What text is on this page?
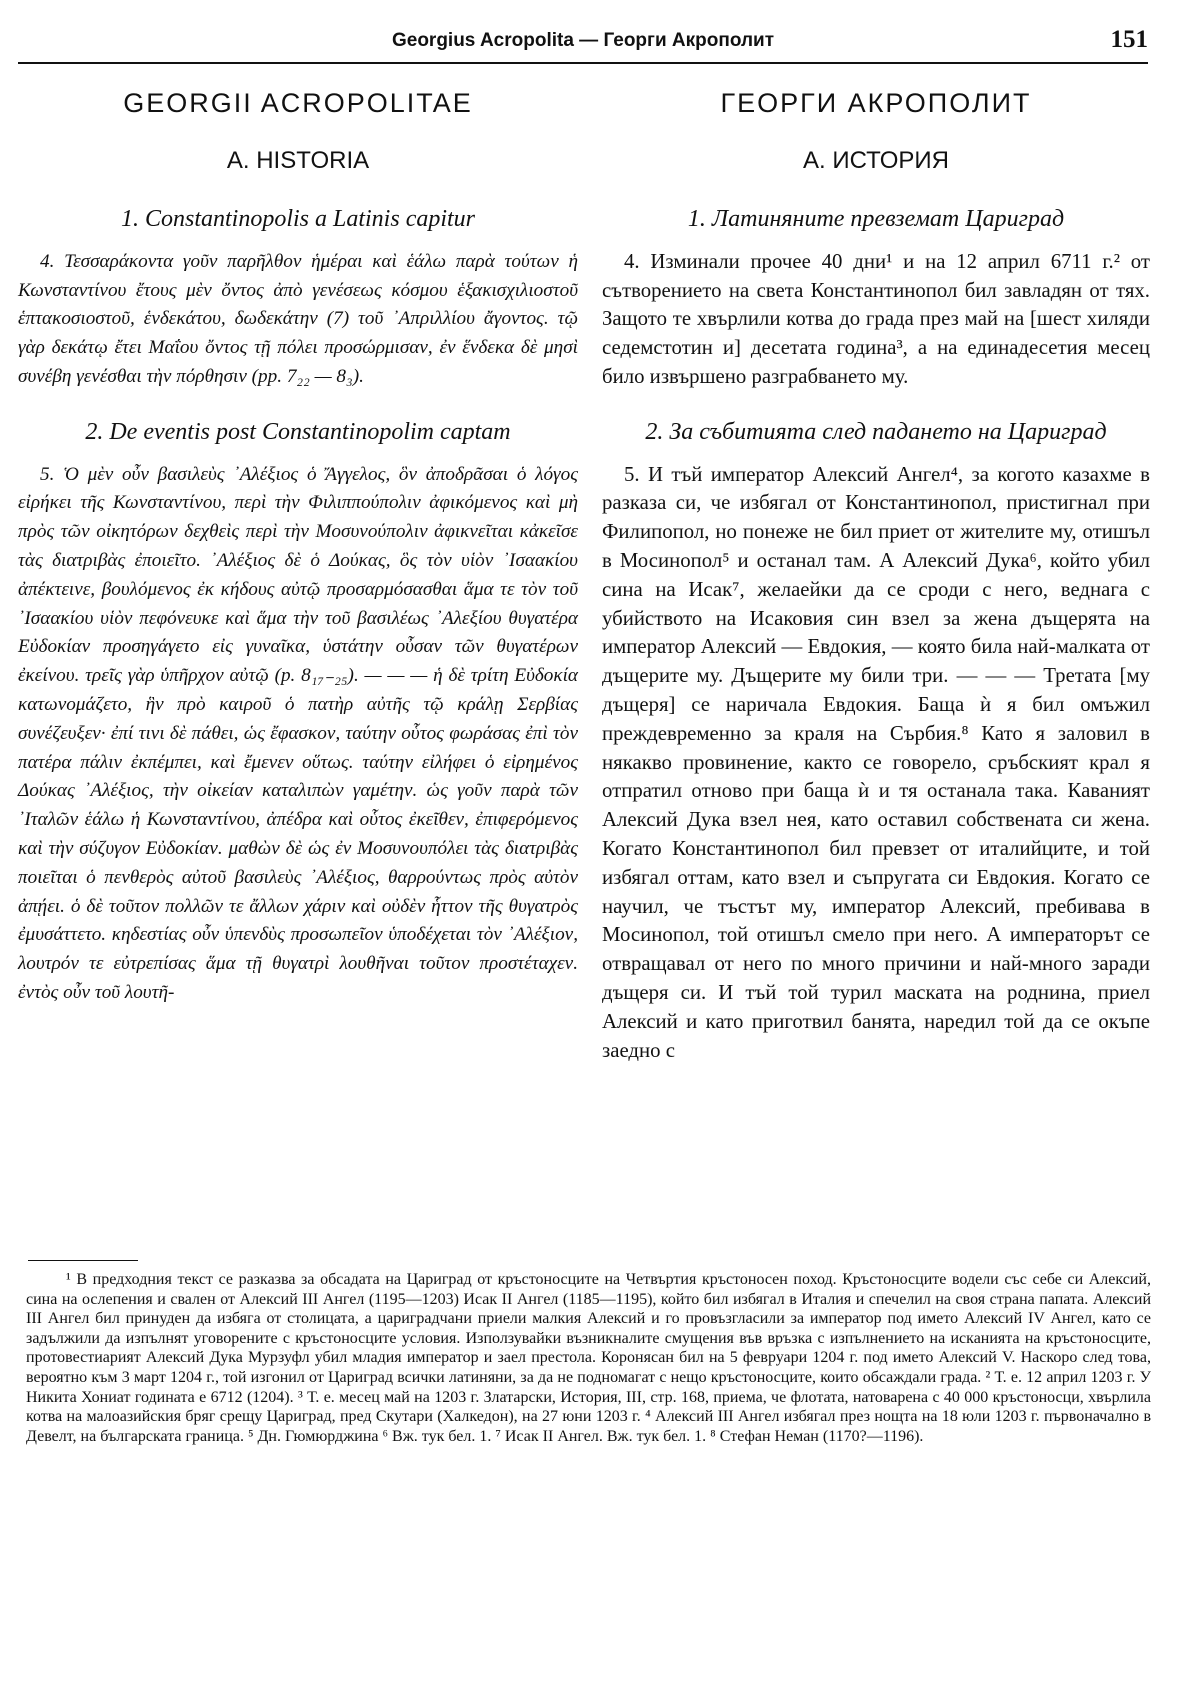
Georgius Acropolita — Георги Акрополит	151
GEORGII ACROPOLITAE
A. HISTORIA
1. Constantinopolis a Latinis capitur
4. Τεσσαράκοντα γοῦν παρῆλθον ἡμέραι καὶ ἑάλω παρὰ τούτων ἡ Κωνσταντίνου ἔτους μὲν ὄντος ἀπὸ γενέσεως κόσμου ἑξακισχιλιοστοῦ ἑπτακοσιοστοῦ, ἑνδεκάτου, δωδεκάτην (7) τοῦ ᾿Απριλλίου ἄγοντος. τῷ γὰρ δεκάτῳ ἔτει Μαΐου ὄντος τῇ πόλει προσώρμισαν, ἐν ἕνδεκα δὲ μησὶ συνέβη γενέσθαι τὴν πόρθησιν (pp. 7₂₂ — 8₃).
2. De eventis post Constantinopolim captam
5. Ὁ μὲν οὖν βασιλεὺς ᾿Αλέξιος ὁ Ἄγγελος, ὃν ἀποδρᾶσαι ὁ λόγος εἰρήκει τῆς Κωνσταντίνου, περὶ τὴν Φιλιππούπολιν ἀφικόμενος καὶ μὴ πρὸς τῶν οἰκητόρων δεχθεὶς περὶ τὴν Μοσυνούπολιν ἀφικνεῖται κἀκεῖσε τὰς διατριβὰς ἐποιεῖτο. ᾿Αλέξιος δὲ ὁ Δούκας, ὃς τὸν υἱὸν ᾿Ισαακίου ἀπέκτεινε, βουλόμενος ἐκ κήδους αὐτῷ προσαρμόσασθαι ἅμα τε τὸν τοῦ ᾿Ισαακίου υἱὸν πεφόνευκε καὶ ἅμα τὴν τοῦ βασιλέως ᾿Αλεξίου θυγατέρα Εὐδοκίαν προσηγάγετο εἰς γυναῖκα, ὑστάτην οὖσαν τῶν θυγατέρων ἐκείνου. τρεῖς γὰρ ὑπῆρχον αὐτῷ (p. 8₁₇₋₂₅). — — — ἡ δὲ τρίτη Εὐδοκία κατωνομάζετο, ἣν πρὸ καιροῦ ὁ πατὴρ αὐτῆς τῷ κράλῃ Σερβίας συνέζευξεν· ἐπί τινι δὲ πάθει, ὡς ἔφασκον, ταύτην οὗτος φωράσας ἐπὶ τὸν πατέρα πάλιν ἐκπέμπει, καὶ ἔμενεν οὕτως. ταύτην εἰλήφει ὁ εἰρημένος Δούκας ᾿Αλέξιος, τὴν οἰκείαν καταλιπὼν γαμέτην. ὡς γοῦν παρὰ τῶν ᾿Ιταλῶν ἑάλω ἡ Κωνσταντίνου, ἀπέδρα καὶ οὗτος ἐκεῖθεν, ἐπιφερόμενος καὶ τὴν σύζυγον Εὐδοκίαν. μαθὼν δὲ ὡς ἐν Μοσυνουπόλει τὰς διατριβὰς ποιεῖται ὁ πενθερὸς αὐτοῦ βασιλεὺς ᾿Αλέξιος, θαρρούντως πρὸς αὐτὸν ἀπῄει. ὁ δὲ τοῦτον πολλῶν τε ἄλλων χάριν καὶ οὐδὲν ἧττον τῆς θυγατρὸς ἐμυσάττετο. κηδεστίας οὖν ὑπενδὺς προσωπεῖον ὑποδέχεται τὸν ᾿Αλέξιον, λουτρόν τε εὐτρεπίσας ἅμα τῇ θυγατρὶ λουθῆναι τοῦτον προστέταχεν. ἐντὸς οὖν τοῦ λουτῆ-
ГЕОРГИ АКРОПОЛИТ
A. ИСТОРИЯ
1. Латиняните превземат Цариград
4. Изминали прочее 40 дни¹ и на 12 април 6711 г.² от сътворението на света Константинопол бил завладян от тях. Защото те хвърлили котва до града през май на [шест хиляди седемстотин и] десетата година³, а на единадесетия месец било извършено разграбването му.
2. За събитията след падането на Цариград
5. И тъй император Алексий Ангел⁴, за когото казахме в разказа си, че избягал от Константинопол, пристигнал при Филипопол, но понеже не бил приет от жителите му, отишъл в Мосинопол⁵ и останал там. А Алексий Дука⁶, който убил сина на Исак⁷, желаейки да се сроди с него, веднага с убийството на Исаковия син взел за жена дъщерята на император Алексий — Евдокия, — която била най-малката от дъщерите му. Дъщерите му били три. — — — Третата [му дъщеря] се наричала Евдокия. Баща ѝ я бил омъжил преждевременно за краля на Сърбия.⁸ Като я заловил в някакво провинение, както се говорело, сръбският крал я отпратил отново при баща ѝ и тя останала така. Каваният Алексий Дука взел нея, като оставил собствената си жена. Когато Константинопол бил превзет от италийците, и той избягал оттам, като взел и съпругата си Евдокия. Когато се научил, че тъстът му, император Алексий, пребивава в Мосинопол, той отишъл смело при него. А императорът се отвращавал от него по много причини и най-много заради дъщеря си. И тъй той турил маската на роднина, приел Алексий и като приготвил банята, наредил той да се окъпе заедно с
¹ В предходния текст се разказва за обсадата на Цариград от кръстоносците на Четвъртия кръстоносен поход. Кръстоносците водели със себе си Алексий, сина на ослепения и свален от Алексий III Ангел (1195—1203) Исак II Ангел (1185—1195), който бил избягал в Италия и спечелил на своя страна папата. Алексий III Ангел бил принуден да избяга от столицата, а цариградчани приели малкия Алексий и го провъзгласили за император под името Алексий IV Ангел, като се задължили да изпълнят уговорените с кръстоносците условия. Използувайки възникналите смущения във връзка с изпълнението на исканията на кръстоносците, протовестиарият Алексий Дука Мурзуфл убил младия император и заел престола. Коронясан бил на 5 февруари 1204 г. под името Алексий V. Наскоро след това, вероятно към 3 март 1204 г., той изгонил от Цариград всички латиняни, за да не подномагат с нещо кръстоносците, които обсаждали града. ² Т. е. 12 април 1203 г. У Никита Хониат годината е 6712 (1204). ³ Т. е. месец май на 1203 г. Златарски, История, III, стр. 168, приема, че флотата, натоварена с 40 000 кръстоносци, хвърлила котва на малоазийския бряг срещу Цариград, пред Скутари (Халкедон), на 27 юни 1203 г. ⁴ Алексий III Ангел избягал през нощта на 18 юли 1203 г. първоначално в Девелт, на българската граница. ⁵ Дн. Гюмюрджина ⁶ Вж. тук бел. 1. ⁷ Исак II Ангел. Вж. тук бел. 1. ⁸ Стефан Неман (1170?—1196).
